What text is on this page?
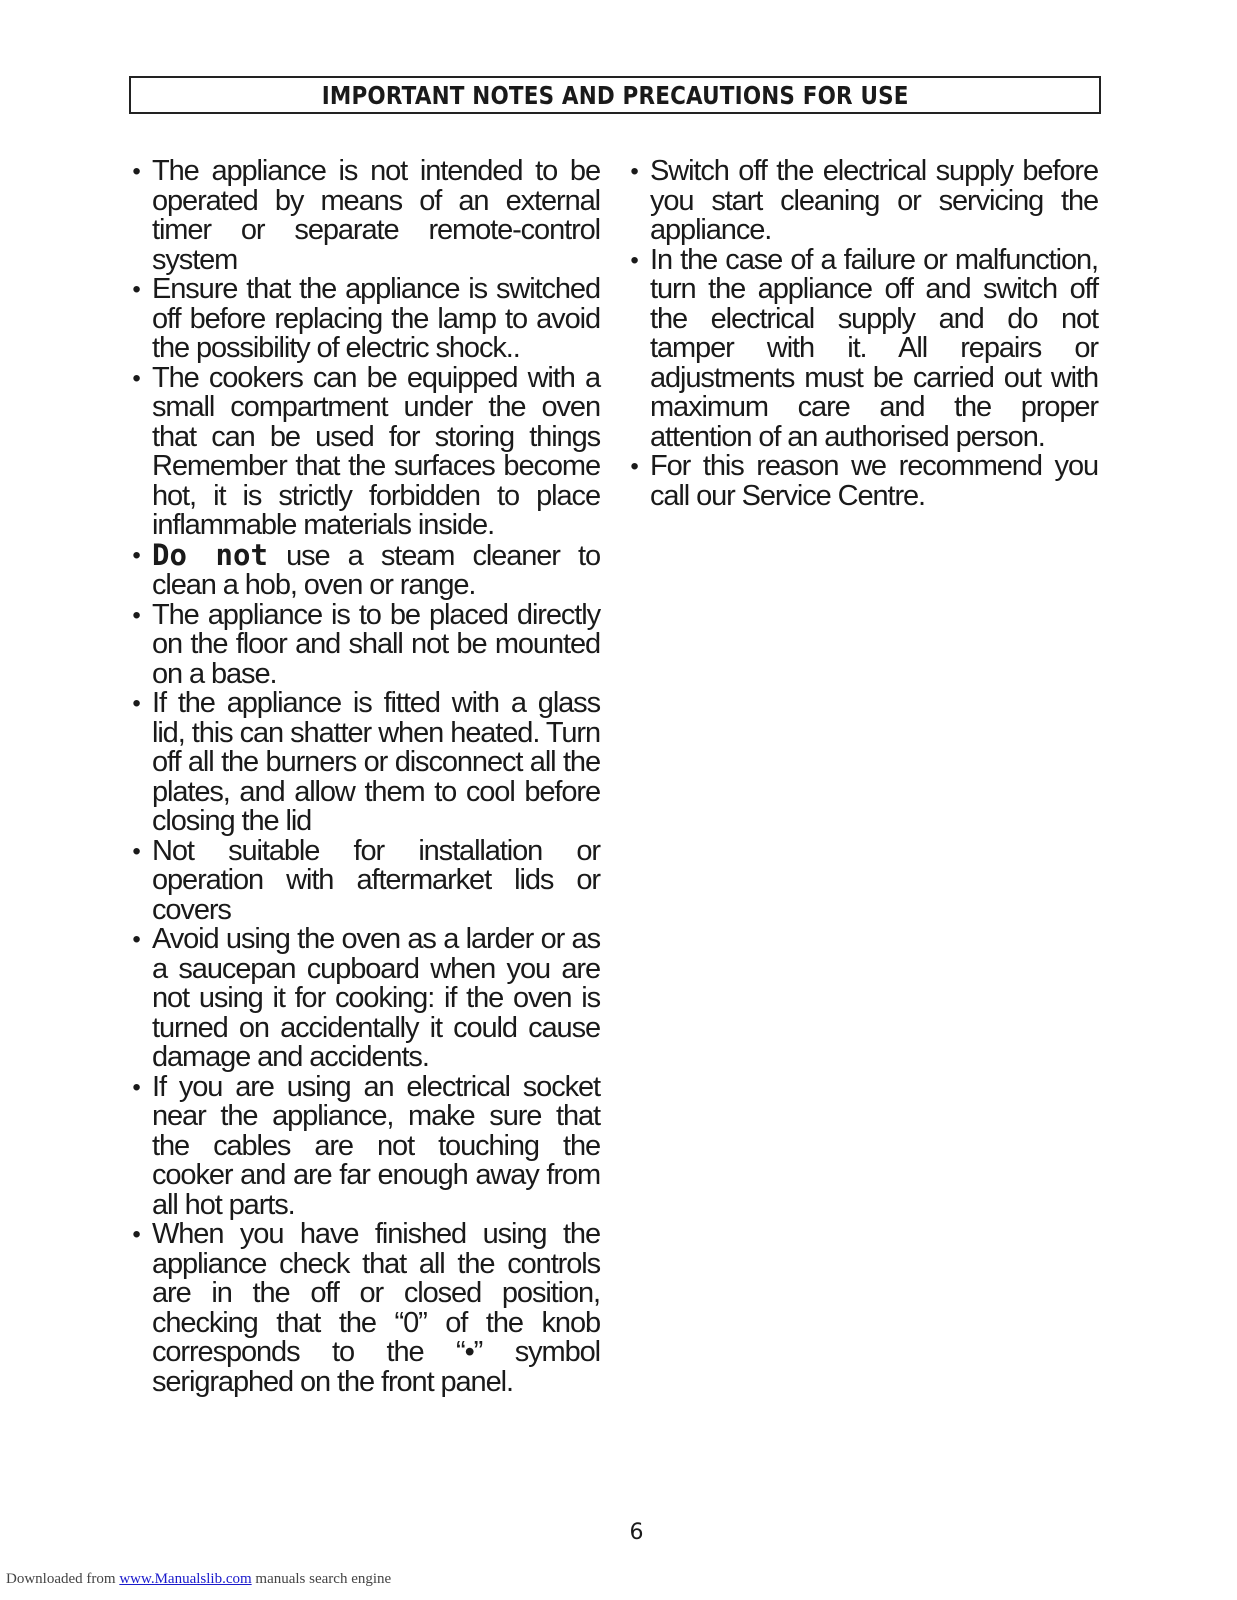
IMPORTANT NOTES AND PRECAUTIONS FOR USE
• The appliance is not intended to be operated by means of an external timer or separate remote-control system
• Ensure that the appliance is switched off before replacing the lamp to avoid the possibility of electric shock..
• The cookers can be equipped with a small compartment under the oven that can be used for storing things Remember that the surfaces become hot, it is strictly forbidden to place inflammable materials inside.
• Do not use a steam cleaner to clean a hob, oven or range.
• The appliance is to be placed directly on the floor and shall not be mounted on a base.
• If the appliance is fitted with a glass lid, this can shatter when heated. Turn off all the burners or disconnect all the plates, and allow them to cool before closing the lid
• Not suitable for installation or operation with aftermarket lids or covers
• Avoid using the oven as a larder or as a saucepan cupboard when you are not using it for cooking: if the oven is turned on accidentally it could cause damage and accidents.
• If you are using an electrical socket near the appliance, make sure that the cables are not touching the cooker and are far enough away from all hot parts.
• When you have finished using the appliance check that all the controls are in the off or closed position, checking that the “0” of the knob corresponds to the “•” symbol serigraphed on the front panel.
• Switch off the electrical supply before you start cleaning or servicing the appliance.
• In the case of a failure or malfunction, turn the appliance off and switch off the electrical supply and do not tamper with it. All repairs or adjustments must be carried out with maximum care and the proper attention of an authorised person.
• For this reason we recommend you call our Service Centre.
6
Downloaded from www.Manualslib.com manuals search engine
